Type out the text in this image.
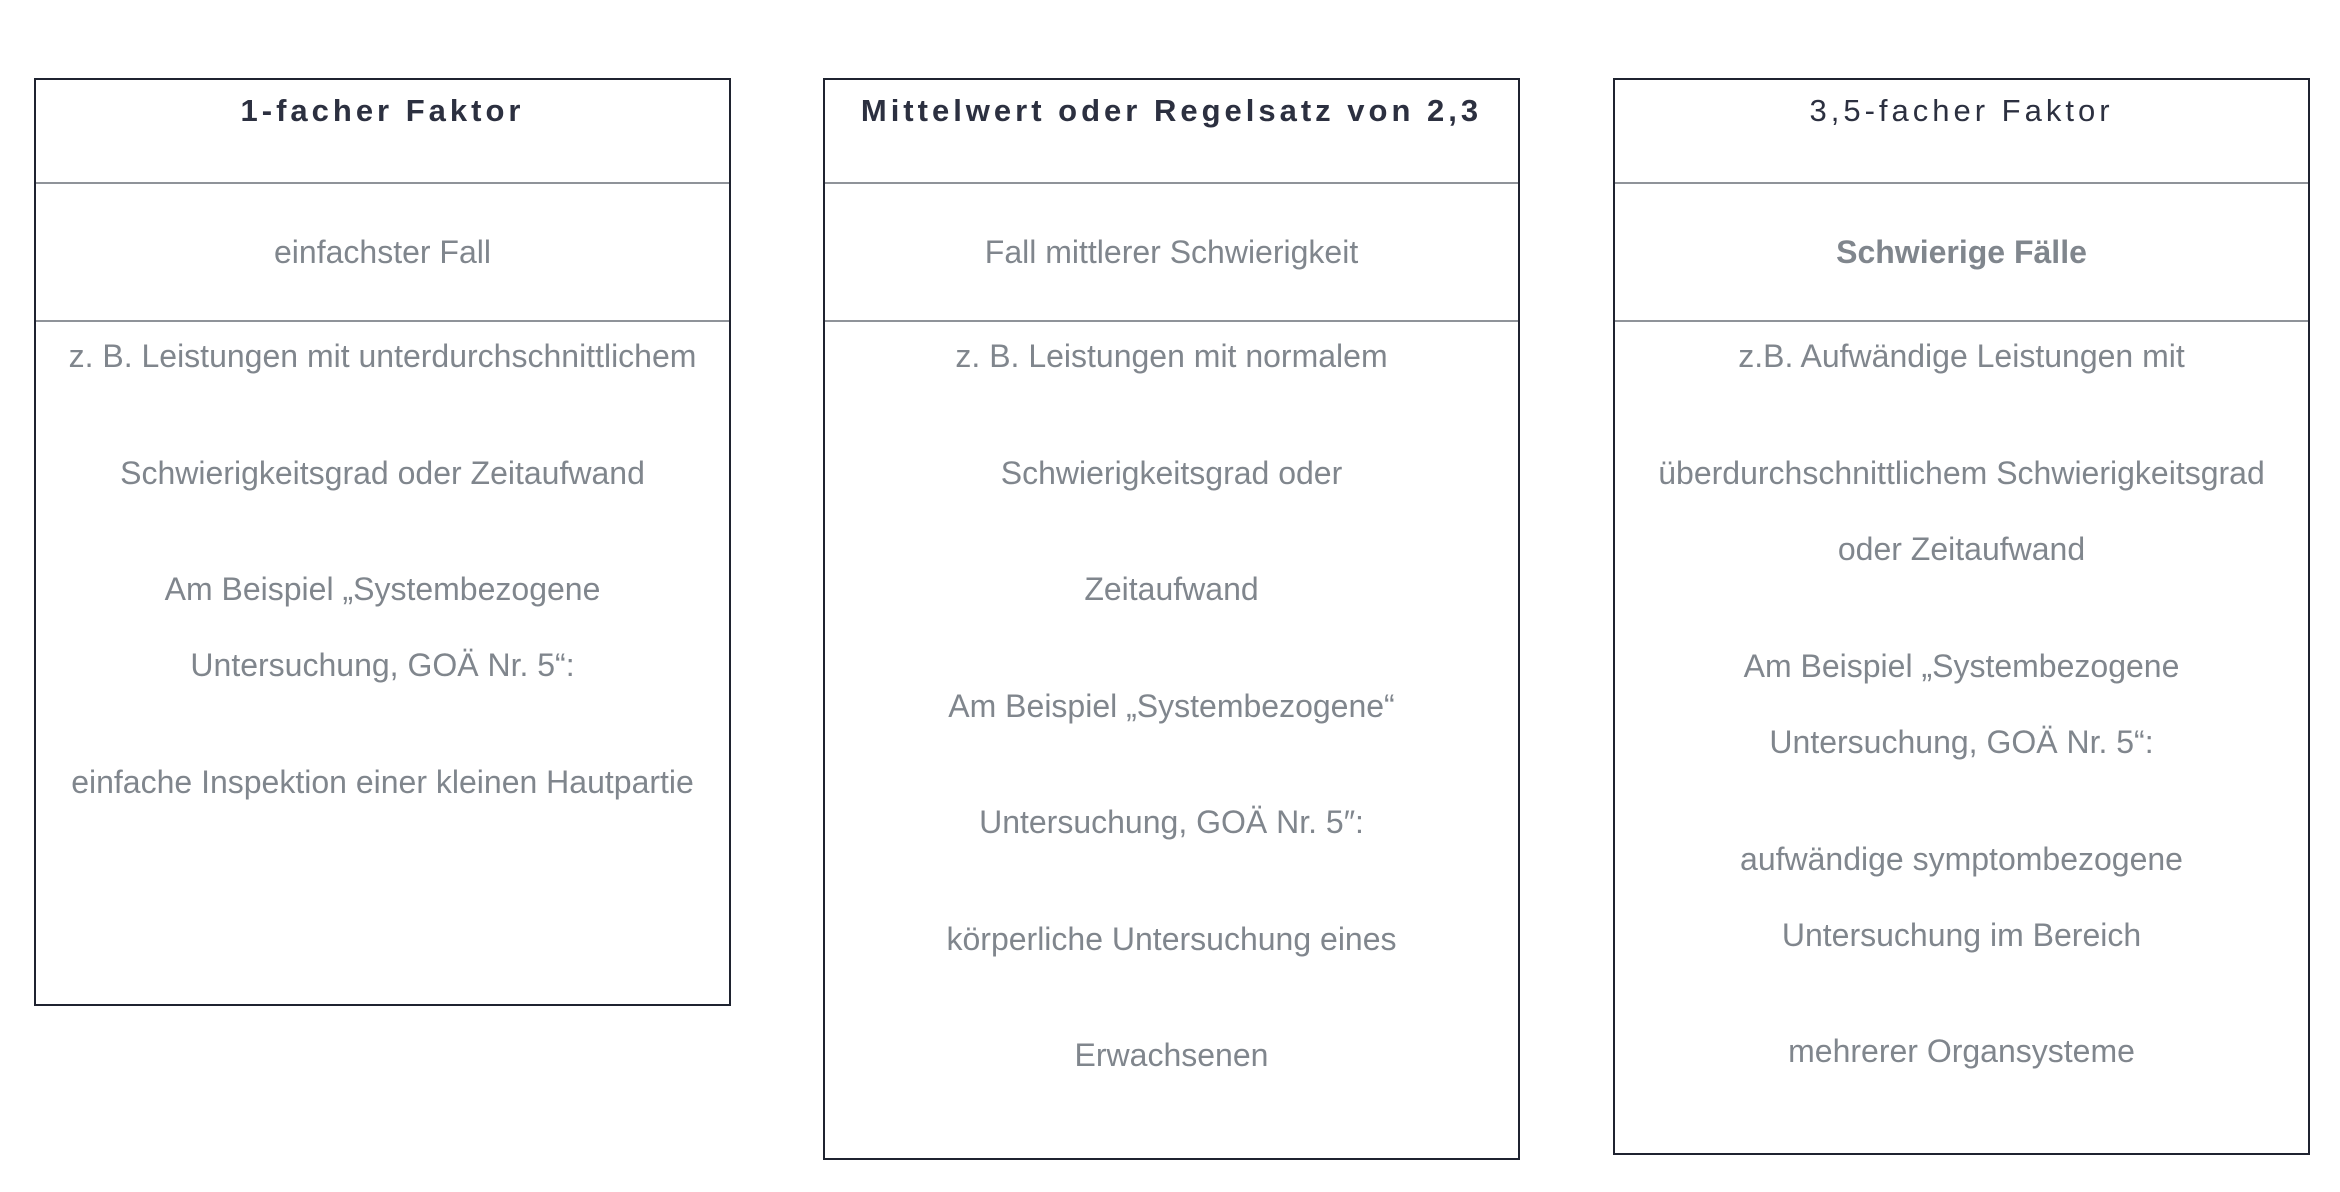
1-facher Faktor
einfachster Fall
z. B. Leistungen mit unterdurchschnittlichem
Schwierigkeitsgrad oder Zeitaufwand
Am Beispiel „Systembezogene
Untersuchung, GOÄ Nr. 5“:
einfache Inspektion einer kleinen Hautpartie
Mittelwert oder Regelsatz von 2,3
Fall mittlerer Schwierigkeit
z. B. Leistungen mit normalem
Schwierigkeitsgrad oder
Zeitaufwand
Am Beispiel „Systembezogene“
Untersuchung, GOÄ Nr. 5″:
körperliche Untersuchung eines
Erwachsenen
3,5-facher Faktor
Schwierige Fälle
z.B. Aufwändige Leistungen mit
überdurchschnittlichem Schwierigkeitsgrad
oder Zeitaufwand
Am Beispiel „Systembezogene
Untersuchung, GOÄ Nr. 5“:
aufwändige symptombezogene
Untersuchung im Bereich
mehrerer Organsysteme
